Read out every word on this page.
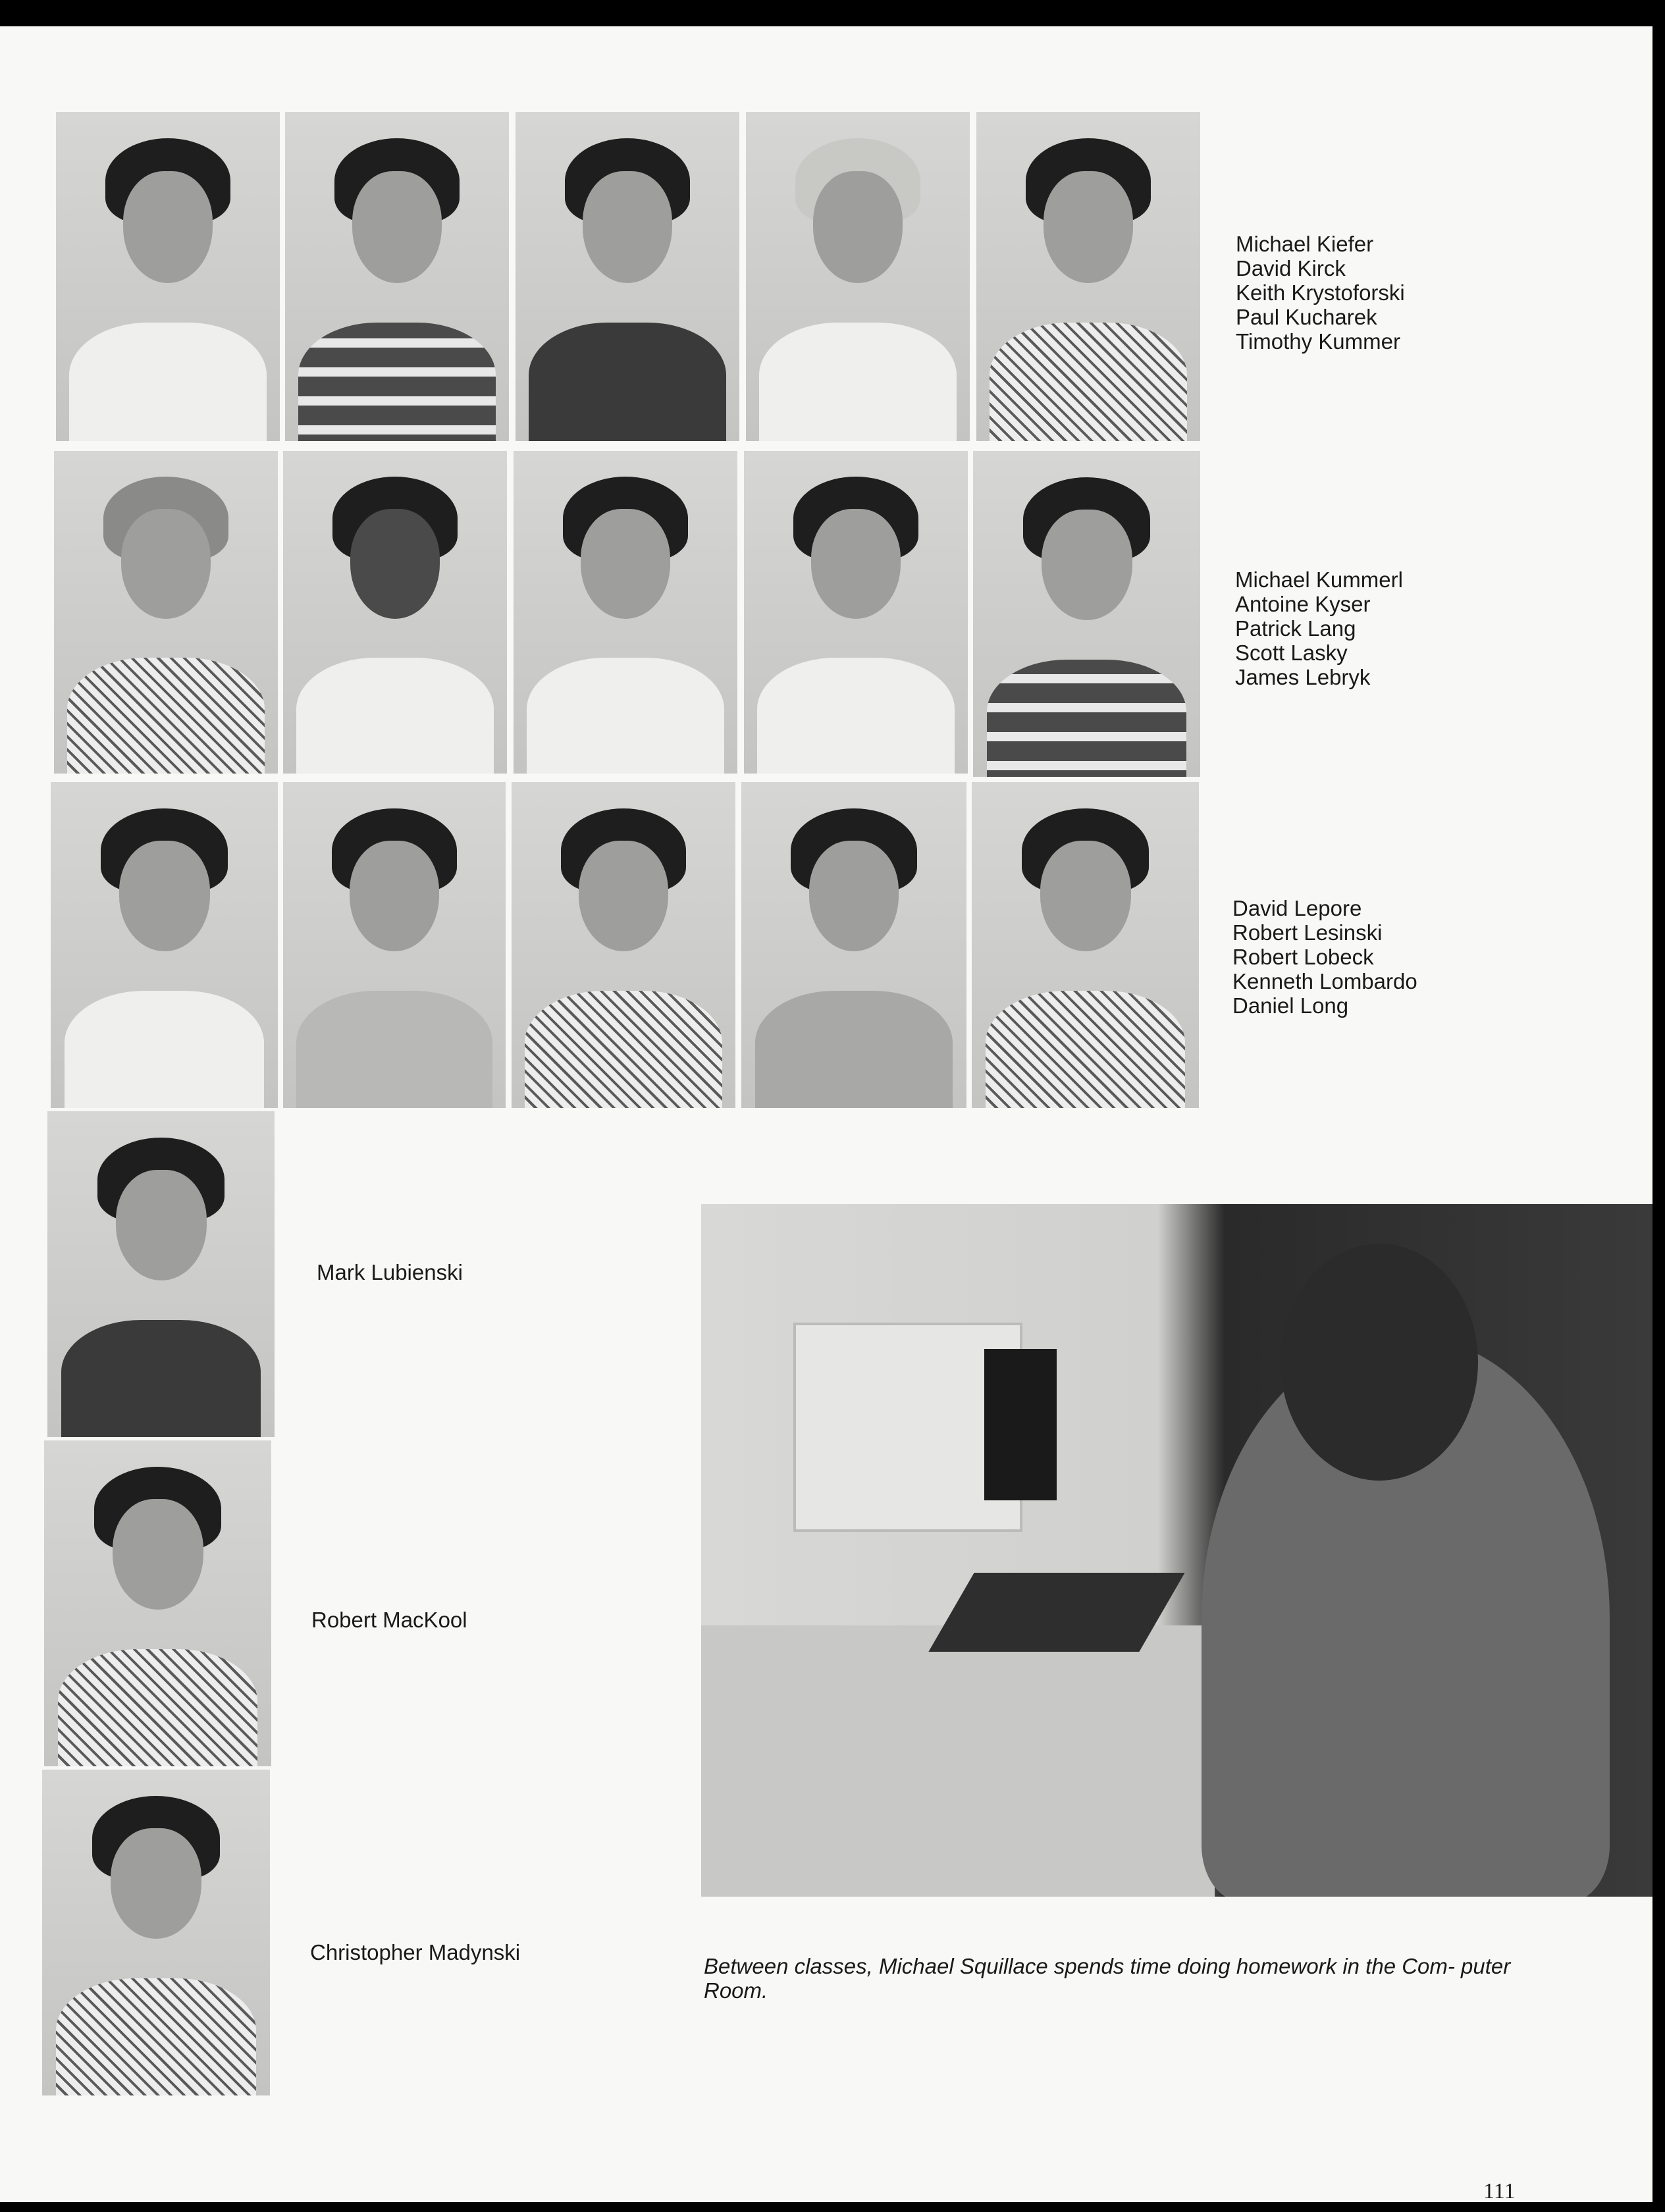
Michael Kiefer
David Kirck
Keith Krystoforski
Paul Kucharek
Timothy Kummer
Michael Kummerl
Antoine Kyser
Patrick Lang
Scott Lasky
James Lebryk
David Lepore
Robert Lesinski
Robert Lobeck
Kenneth Lombardo
Daniel Long
Mark Lubienski
Robert MacKool
Christopher Madynski
Between classes, Michael Squillace spends time doing homework in the Com- puter Room.
111
